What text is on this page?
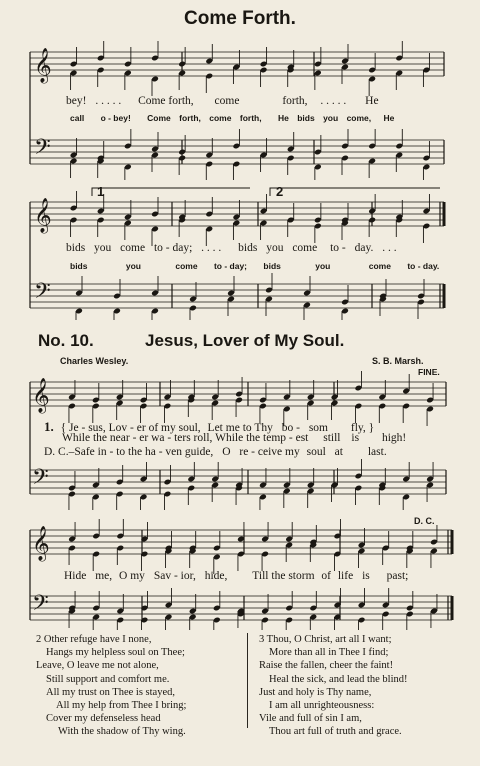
Come Forth.
𝄞
𝄢
bey! . . . . . Come forth, come	forth, . . . . . He
call o - bey! Come forth, come forth, He bids you come, He
𝄞
𝄢
1	2
bids you come to - day; . . . . bids you come to - day. . . .
bids	you	come to - day; bids	you	come to - day.
No. 10.	Jesus, Lover of My Soul.
Charles Wesley.	S. B. Marsh.
FINE.
𝄞
𝄢
1. { Je - sus, Lov - er of my soul, Let me to Thy bo - som fly, }
While the near - er wa - ters roll, While the temp - est still is high!
D. C.–Safe in - to the ha - ven guide, O re - ceive my soul at last.
D. C.
𝄞
𝄢
Hide me, O my Sav - ior, hide, Till the storm of life is past;
2 Other refuge have I none,
Hangs my helpless soul on Thee;
Leave, O leave me not alone,
Still support and comfort me.
All my trust on Thee is stayed,
All my help from Thee I bring;
Cover my defenseless head
With the shadow of Thy wing.
3 Thou, O Christ, art all I want;
More than all in Thee I find;
Raise the fallen, cheer the faint!
Heal the sick, and lead the blind!
Just and holy is Thy name,
I am all unrighteousness:
Vile and full of sin I am,
Thou art full of truth and grace.
